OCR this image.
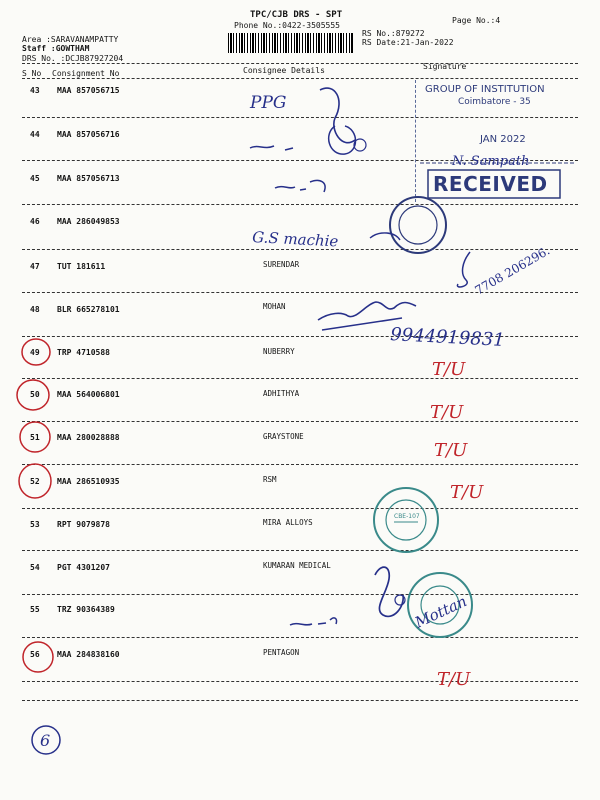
TPC/CJB DRS - SPT
Phone No.:0422-3505555
Page No.:4
RS No.:879272
RS Date:21-Jan-2022
Area :SARAVANAMPATTY
Staff :GOWTHAM
DRS No. :DCJB87927204
S No Consignment No	Consignee Details	Signature
43 MAA 857056715
44 MAA 857056716
45 MAA 857056713
46 MAA 286049853
47 TUT 181611	SURENDAR
48 BLR 665278101	MOHAN
49 TRP 4710588	NUBERRY
50 MAA 564006801	ADHITHYA
51 MAA 280028888	GRAYSTONE
52 MAA 286510935	RSM
53 RPT 9079878	MIRA ALLOYS
54 PGT 4301207	KUMARAN MEDICAL
55 TRZ 90364389
56 MAA 284838160	PENTAGON
GROUP OF INSTITUTION
Coimbatore - 35
JAN 2022
RECEIVED
PPG
N. Sampath
G.S machie
7708 206296.
9944919831
T/U
T/U
T/U
T/U
T/U
CBE-107
Mottan
6
